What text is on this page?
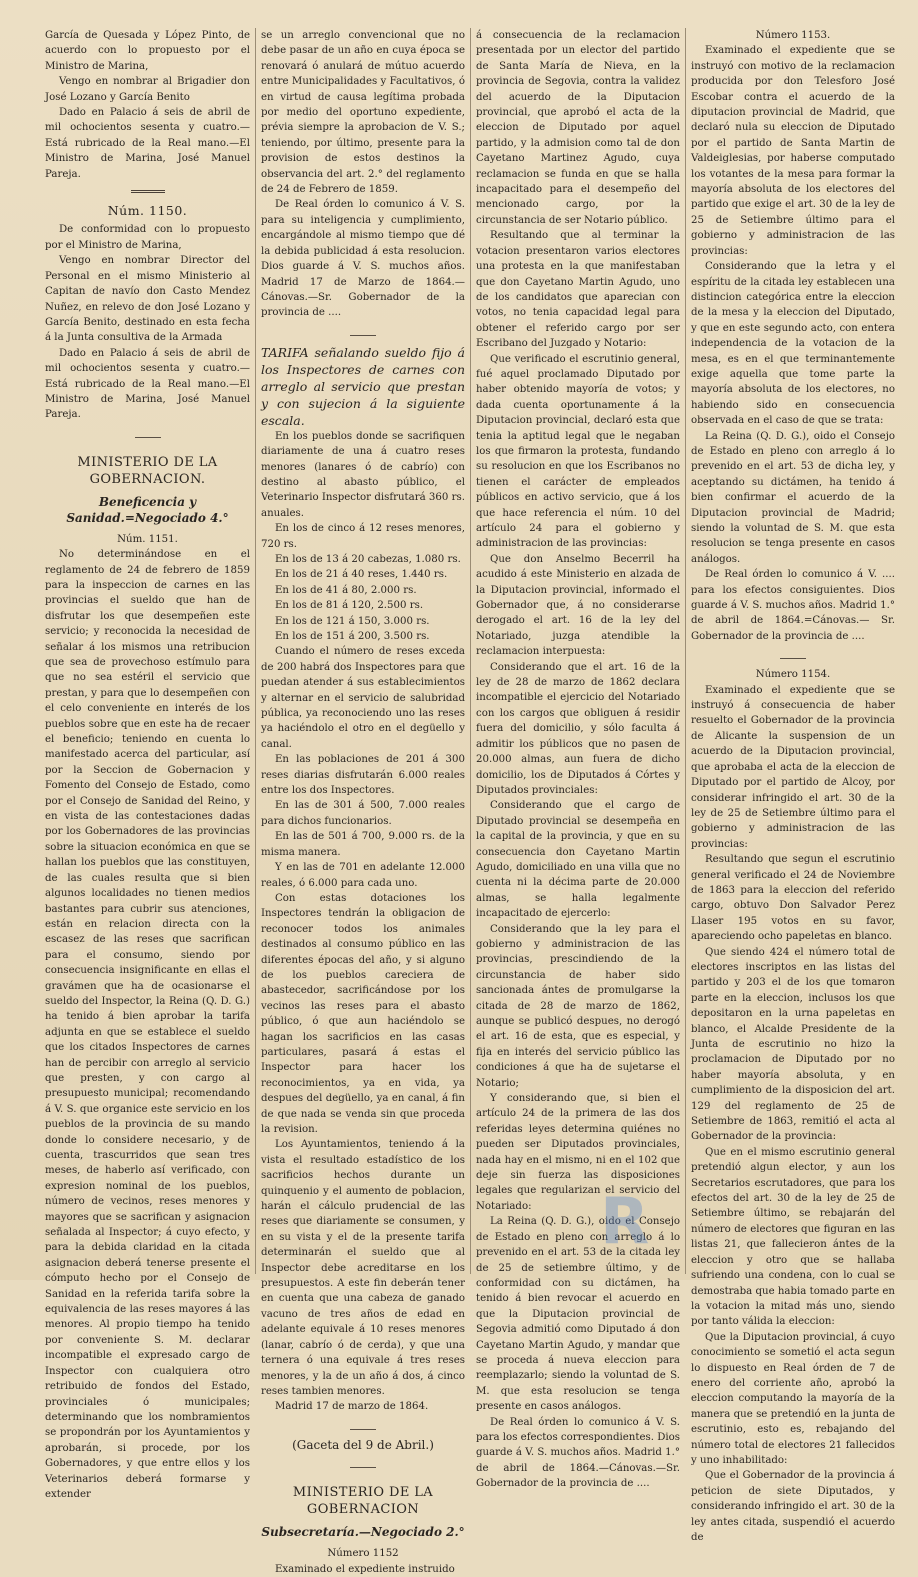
García de Quesada y López Pinto, de acuerdo con lo propuesto por el Ministro de Marina,

Vengo en nombrar al Brigadier don José Lozano y García Benito

Dado en Palacio á seis de abril de mil ochocientos sesenta y cuatro.— Está rubricado de la Real mano.—El Ministro de Marina, José Manuel Pareja.

Núm. 1150.

De conformidad con lo propuesto por el Ministro de Marina,

Vengo en nombrar Director del Personal en el mismo Ministerio al Capitan de navío don Casto Mendez Nuñez, en relevo de don José Lozano y García Benito, destinado en esta fecha á la Junta consultiva de la Armada

Dado en Palacio á seis de abril de mil ochocientos sesenta y cuatro.— Está rubricado de la Real mano.—El Ministro de Marina, José Manuel Pareja.

MINISTERIO DE LA GOBERNACION.
Beneficencia y Sanidad.=Negociado 4.°
Núm. 1151.

No determinándose en el reglamento de 24 de febrero de 1859 para la inspeccion de carnes en las provincias el sueldo que han de disfrutar los que desempeñen este servicio; y reconocida la necesidad de señalar á los mismos una retribucion que sea de provechoso estímulo para que no sea estéril el servicio que prestan, y para que lo desempeñen con el celo conveniente en interés de los pueblos sobre que en este ha de recaer el beneficio; teniendo en cuenta lo manifestado acerca del particular, así por la Seccion de Gobernacion y Fomento del Consejo de Estado, como por el Consejo de Sanidad del Reino, y en vista de las contestaciones dadas por los Gobernadores de las provincias sobre la situacion económica en que se hallan los pueblos que las constituyen, de las cuales resulta que si bien algunos localidades no tienen medios bastantes para cubrir sus atenciones, están en relacion directa con la escasez de las reses que sacrifican para el consumo, siendo por consecuencia insignificante en ellas el gravámen que ha de ocasionarse el sueldo del Inspector, la Reina (Q. D. G.) ha tenido á bien aprobar la tarifa adjunta en que se establece el sueldo que los citados Inspectores de carnes han de percibir con arreglo al servicio que presten, y con cargo al presupuesto municipal; recomendando á V. S. que organice este servicio en los pueblos de la provincia de su mando donde lo considere necesario, y de cuenta, trascurridos que sean tres meses, de haberlo así verificado, con expresion nominal de los pueblos, número de vecinos, reses menores y mayores que se sacrifican y asignacion señalada al Inspector; á cuyo efecto, y para la debida claridad en la citada asignacion deberá tenerse presente el cómputo hecho por el Consejo de Sanidad en la referida tarifa sobre la equivalencia de las reses mayores á las menores. Al propio tiempo ha tenido por conveniente S. M. declarar incompatible el expresado cargo de Inspector con cualquiera otro retribuido de fondos del Estado, provinciales ó municipales; determinando que los nombramientos se propondrán por los Ayuntamientos y aprobarán, si procede, por los Gobernadores, y que entre ellos y los Veterinarios deberá formarse y extender

se un arreglo convencional que no debe pasar de un año en cuya época se renovará ó anulará de mútuo acuerdo entre Municipalidades y Facultativos, ó en virtud de causa legítima probada por medio del oportuno expediente, prévia siempre la aprobacion de V. S.; teniendo, por último, presente para la provision de estos destinos la observancia del art. 2.° del reglamento de 24 de Febrero de 1859.

De Real órden lo comunico á V. S. para su inteligencia y cumplimiento, encargándole al mismo tiempo que dé la debida publicidad á esta resolucion. Dios guarde á V. S. muchos años. Madrid 17 de Marzo de 1864.—Cánovas.—Sr. Gobernador de la provincia de ....

TARIFA señalando sueldo fijo á los Inspectores de carnes con arreglo al servicio que prestan y con sujecion á la siguiente escala.

En los pueblos donde se sacrifiquen diariamente de una á cuatro reses menores (lanares ó de cabrío) con destino al abasto público, el Veterinario Inspector disfrutará 360 rs. anuales.

En los de cinco á 12 reses menores, 720 rs.

En los de 13 á 20 cabezas, 1.080 rs.

En los de 21 á 40 reses, 1.440 rs.

En los de 41 á 80, 2.000 rs.

En los de 81 á 120, 2.500 rs.

En los de 121 á 150, 3.000 rs.

En los de 151 á 200, 3.500 rs.

Cuando el número de reses exceda de 200 habrá dos Inspectores para que puedan atender á sus establecimientos y alternar en el servicio de salubridad pública, ya reconociendo uno las reses ya haciéndolo el otro en el degüello y canal.

En las poblaciones de 201 á 300 reses diarias disfrutarán 6.000 reales entre los dos Inspectores.

En las de 301 á 500, 7.000 reales para dichos funcionarios.

En las de 501 á 700, 9.000 rs. de la misma manera.

Y en las de 701 en adelante 12.000 reales, ó 6.000 para cada uno.

Con estas dotaciones los Inspectores tendrán la obligacion de reconocer todos los animales destinados al consumo público en las diferentes épocas del año, y si alguno de los pueblos careciera de abastecedor, sacrificándose por los vecinos las reses para el abasto público, ó que aun haciéndolo se hagan los sacrificios en las casas particulares, pasará á estas el Inspector para hacer los reconocimientos, ya en vida, ya despues del degüello, ya en canal, á fin de que nada se venda sin que proceda la revision.

Los Ayuntamientos, teniendo á la vista el resultado estadístico de los sacrificios hechos durante un quinquenio y el aumento de poblacion, harán el cálculo prudencial de las reses que diariamente se consumen, y en su vista y el de la presente tarifa determinarán el sueldo que al Inspector debe acreditarse en los presupuestos. A este fin deberán tener en cuenta que una cabeza de ganado vacuno de tres años de edad en adelante equivale á 10 reses menores (lanar, cabrío ó de cerda), y que una ternera ó una equivale á tres reses menores, y la de un año á dos, á cinco reses tambien menores.

Madrid 17 de marzo de 1864.

(Gaceta del 9 de Abril.)
MINISTERIO DE LA GOBERNACION
Subsecretaría.—Negociado 2.°
Número 1152

Examinado el expediente instruido

á consecuencia de la reclamacion presentada por un elector del partido de Santa María de Nieva, en la provincia de Segovia, contra la validez del acuerdo de la Diputacion provincial, que aprobó el acta de la eleccion de Diputado por aquel partido, y la admision como tal de don Cayetano Martinez Agudo, cuya reclamacion se funda en que se halla incapacitado para el desempeño del mencionado cargo, por la circunstancia de ser Notario público.

Resultando que al terminar la votacion presentaron varios electores una protesta en la que manifestaban que don Cayetano Martin Agudo, uno de los candidatos que aparecian con votos, no tenia capacidad legal para obtener el referido cargo por ser Escribano del Juzgado y Notario:

Que verificado el escrutinio general, fué aquel proclamado Diputado por haber obtenido mayoría de votos; y dada cuenta oportunamente á la Diputacion provincial, declaró esta que tenia la aptitud legal que le negaban los que firmaron la protesta, fundando su resolucion en que los Escribanos no tienen el carácter de empleados públicos en activo servicio, que á los que hace referencia el núm. 10 del artículo 24 para el gobierno y administracion de las provincias:

Que don Anselmo Becerril ha acudido á este Ministerio en alzada de la Diputacion provincial, informado el Gobernador que, á no considerarse derogado el art. 16 de la ley del Notariado, juzga atendible la reclamacion interpuesta:

Considerando que el art. 16 de la ley de 28 de marzo de 1862 declara incompatible el ejercicio del Notariado con los cargos que obliguen á residir fuera del domicilio, y sólo faculta á admitir los públicos que no pasen de 20.000 almas, aun fuera de dicho domicilio, los de Diputados á Córtes y Diputados provinciales:

Considerando que el cargo de Diputado provincial se desempeña en la capital de la provincia, y que en su consecuencia don Cayetano Martin Agudo, domiciliado en una villa que no cuenta ni la décima parte de 20.000 almas, se halla legalmente incapacitado de ejercerlo:

Considerando que la ley para el gobierno y administracion de las provincias, prescindiendo de la circunstancia de haber sido sancionada ántes de promulgarse la citada de 28 de marzo de 1862, aunque se publicó despues, no derogó el art. 16 de esta, que es especial, y fija en interés del servicio público las condiciones á que ha de sujetarse el Notario;

Y considerando que, si bien el artículo 24 de la primera de las dos referidas leyes determina quiénes no pueden ser Diputados provinciales, nada hay en el mismo, ni en el 102 que deje sin fuerza las disposiciones legales que regularizan el servicio del Notariado:

La Reina (Q. D. G.), oido el Consejo de Estado en pleno con arreglo á lo prevenido en el art. 53 de la citada ley de 25 de setiembre último, y de conformidad con su dictámen, ha tenido á bien revocar el acuerdo en que la Diputacion provincial de Segovia admitió como Diputado á don Cayetano Martin Agudo, y mandar que se proceda á nueva eleccion para reemplazarlo; siendo la voluntad de S. M. que esta resolucion se tenga presente en casos análogos.

De Real órden lo comunico á V. S. para los efectos correspondientes. Dios guarde á V. S. muchos años. Madrid 1.° de abril de 1864.—Cánovas.—Sr. Gobernador de la provincia de ....

Número 1153.

Examinado el expediente que se instruyó con motivo de la reclamacion producida por don Telesforo José Escobar contra el acuerdo de la diputacion provincial de Madrid, que declaró nula su eleccion de Diputado por el partido de Santa Martin de Valdeiglesias, por haberse computado los votantes de la mesa para formar la mayoría absoluta de los electores del partido que exige el art. 30 de la ley de 25 de Setiembre último para el gobierno y administracion de las provincias:

Considerando que la letra y el espíritu de la citada ley establecen una distincion categórica entre la eleccion de la mesa y la eleccion del Diputado, y que en este segundo acto, con entera independencia de la votacion de la mesa, es en el que terminantemente exige aquella que tome parte la mayoría absoluta de los electores, no habiendo sido en consecuencia observada en el caso de que se trata:

La Reina (Q. D. G.), oido el Consejo de Estado en pleno con arreglo á lo prevenido en el art. 53 de dicha ley, y aceptando su dictámen, ha tenido á bien confirmar el acuerdo de la Diputacion provincial de Madrid; siendo la voluntad de S. M. que esta resolucion se tenga presente en casos análogos.

De Real órden lo comunico á V. .... para los efectos consiguientes. Dios guarde á V. S. muchos años. Madrid 1.° de abril de 1864.=Cánovas.— Sr. Gobernador de la provincia de ....

Número 1154.

Examinado el expediente que se instruyó á consecuencia de haber resuelto el Gobernador de la provincia de Alicante la suspension de un acuerdo de la Diputacion provincial, que aprobaba el acta de la eleccion de Diputado por el partido de Alcoy, por considerar infringido el art. 30 de la ley de 25 de Setiembre último para el gobierno y administracion de las provincias:

Resultando que segun el escrutinio general verificado el 24 de Noviembre de 1863 para la eleccion del referido cargo, obtuvo Don Salvador Perez Llaser 195 votos en su favor, apareciendo ocho papeletas en blanco.

Que siendo 424 el número total de electores inscriptos en las listas del partido y 203 el de los que tomaron parte en la eleccion, inclusos los que depositaron en la urna papeletas en blanco, el Alcalde Presidente de la Junta de escrutinio no hizo la proclamacion de Diputado por no haber mayoría absoluta, y en cumplimiento de la disposicion del art. 129 del reglamento de 25 de Setiembre de 1863, remitió el acta al Gobernador de la provincia:

Que en el mismo escrutinio general pretendió algun elector, y aun los Secretarios escrutadores, que para los efectos del art. 30 de la ley de 25 de Setiembre último, se rebajarán del número de electores que figuran en las listas 21, que fallecieron ántes de la eleccion y otro que se hallaba sufriendo una condena, con lo cual se demostraba que habia tomado parte en la votacion la mitad más uno, siendo por tanto válida la eleccion:

Que la Diputacion provincial, á cuyo conocimiento se sometió el acta segun lo dispuesto en Real órden de 7 de enero del corriente año, aprobó la eleccion computando la mayoría de la manera que se pretendió en la junta de escrutinio, esto es, rebajando del número total de electores 21 fallecidos y uno inhabilitado:

Que el Gobernador de la provincia á peticion de siete Diputados, y considerando infringido el art. 30 de la ley antes citada, suspendió el acuerdo de

R
